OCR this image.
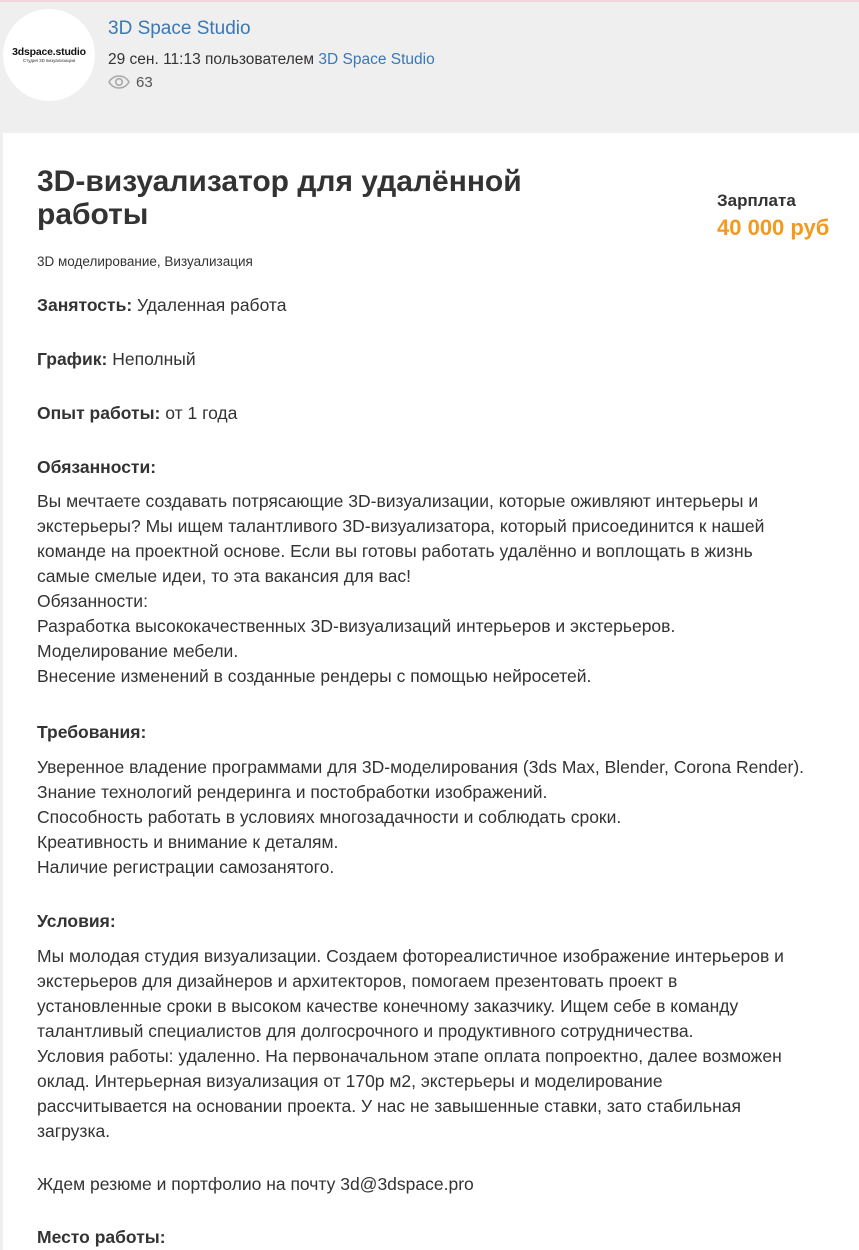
3dspace.studio
Студия 3D визуализации
3D Space Studio
29 сен. 11:13 пользователем 3D Space Studio
63
3D-визуализатор для удалённой работы	Зарплата
40 000 руб
3D моделирование, Визуализация
Занятость: Удаленная работа
График: Неполный
Опыт работы: от 1 года
Обязанности:
Вы мечтаете создавать потрясающие 3D-визуализации, которые оживляют интерьеры и
экстерьеры? Мы ищем талантливого 3D-визуализатора, который присоединится к нашей
команде на проектной основе. Если вы готовы работать удалённо и воплощать в жизнь
самые смелые идеи, то эта вакансия для вас!
Обязанности:
Разработка высококачественных 3D-визуализаций интерьеров и экстерьеров.
Моделирование мебели.
Внесение изменений в созданные рендеры с помощью нейросетей.
Требования:
Уверенное владение программами для 3D-моделирования (3ds Max, Blender, Corona Render).
Знание технологий рендеринга и постобработки изображений.
Способность работать в условиях многозадачности и соблюдать сроки.
Креативность и внимание к деталям.
Наличие регистрации самозанятого.
Условия:
Мы молодая студия визуализации. Создаем фотореалистичное изображение интерьеров и
экстерьеров для дизайнеров и архитекторов, помогаем презентовать проект в
установленные сроки в высоком качестве конечному заказчику. Ищем себе в команду
талантливый специалистов для долгосрочного и продуктивного сотрудничества.
Условия работы: удаленно. На первоначальном этапе оплата попроектно, далее возможен
оклад. Интерьерная визуализация от 170р м2, экстерьеры и моделирование
рассчитывается на основании проекта. У нас не завышенные ставки, зато стабильная
загрузка.
Ждем резюме и портфолио на почту 3d@3dspace.pro
Место работы:
